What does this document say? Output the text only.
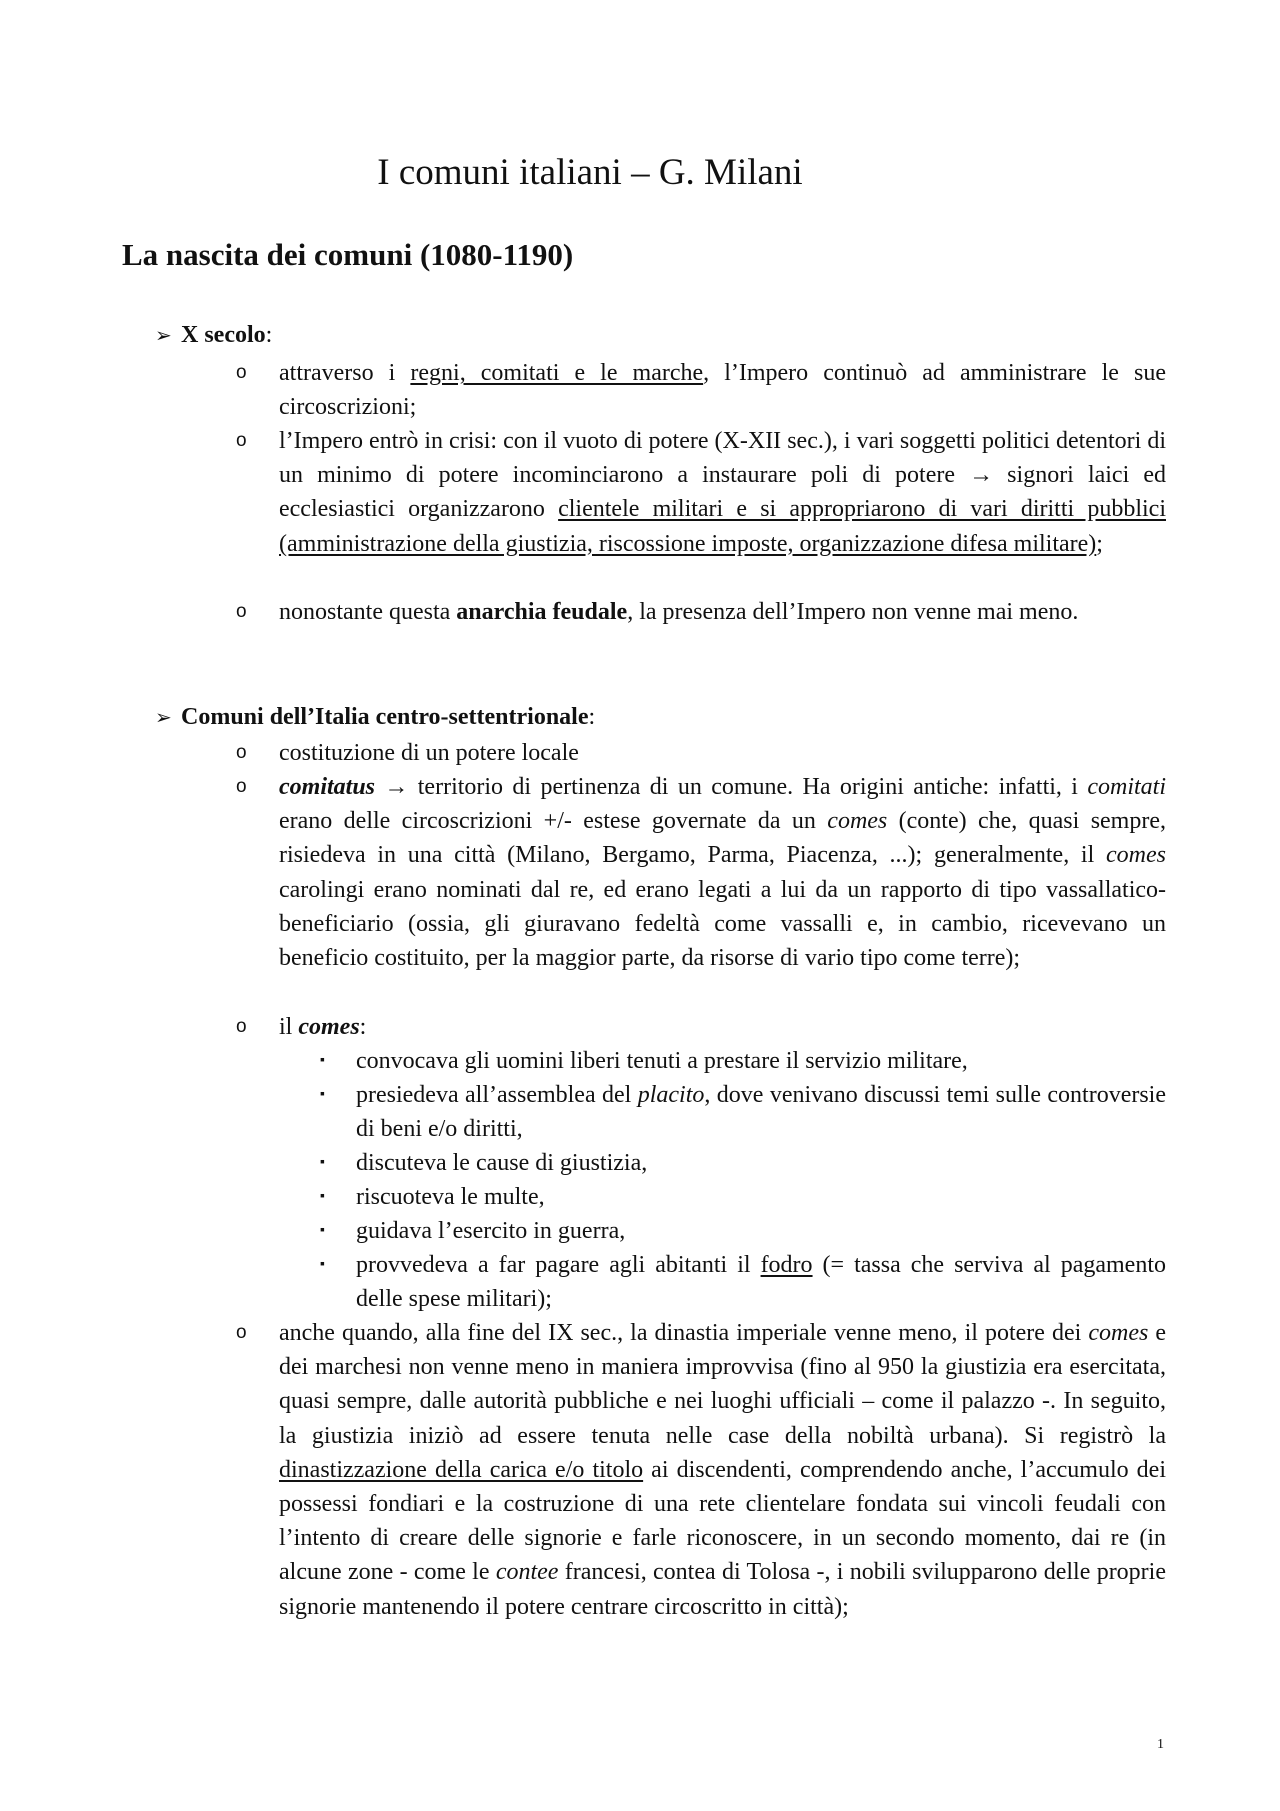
I comuni italiani – G. Milani
La nascita dei comuni (1080-1190)
➢ X secolo:
o attraverso i regni, comitati e le marche, l’Impero continuò ad amministrare le sue circoscrizioni;
o l’Impero entrò in crisi: con il vuoto di potere (X-XII sec.), i vari soggetti politici detentori di un minimo di potere incominciarono a instaurare poli di potere → signori laici ed ecclesiastici organizzarono clientele militari e si appropriarono di vari diritti pubblici (amministrazione della giustizia, riscossione imposte, organizzazione difesa militare);
o nonostante questa anarchia feudale, la presenza dell’Impero non venne mai meno.
➢ Comuni dell’Italia centro-settentrionale:
o costituzione di un potere locale
o comitatus → territorio di pertinenza di un comune. Ha origini antiche: infatti, i comitati erano delle circoscrizioni +/- estese governate da un comes (conte) che, quasi sempre, risiedeva in una città (Milano, Bergamo, Parma, Piacenza, ...); generalmente, il comes carolingi erano nominati dal re, ed erano legati a lui da un rapporto di tipo vassallatico-beneficiario (ossia, gli giuravano fedeltà come vassalli e, in cambio, ricevevano un beneficio costituito, per la maggior parte, da risorse di vario tipo come terre);
o il comes:
▪ convocava gli uomini liberi tenuti a prestare il servizio militare,
▪ presiedeva all’assemblea del placito, dove venivano discussi temi sulle controversie di beni e/o diritti,
▪ discuteva le cause di giustizia,
▪ riscuoteva le multe,
▪ guidava l’esercito in guerra,
▪ provvedeva a far pagare agli abitanti il fodro (= tassa che serviva al pagamento delle spese militari);
o anche quando, alla fine del IX sec., la dinastia imperiale venne meno, il potere dei comes e dei marchesi non venne meno in maniera improvvisa (fino al 950 la giustizia era esercitata, quasi sempre, dalle autorità pubbliche e nei luoghi ufficiali – come il palazzo -. In seguito, la giustizia iniziò ad essere tenuta nelle case della nobiltà urbana). Si registrò la dinastizzazione della carica e/o titolo ai discendenti, comprendendo anche, l’accumulo dei possessi fondiari e la costruzione di una rete clientelare fondata sui vincoli feudali con l’intento di creare delle signorie e farle riconoscere, in un secondo momento, dai re (in alcune zone - come le contee francesi, contea di Tolosa -, i nobili svilupparono delle proprie signorie mantenendo il potere centrare circoscritto in città);
1
